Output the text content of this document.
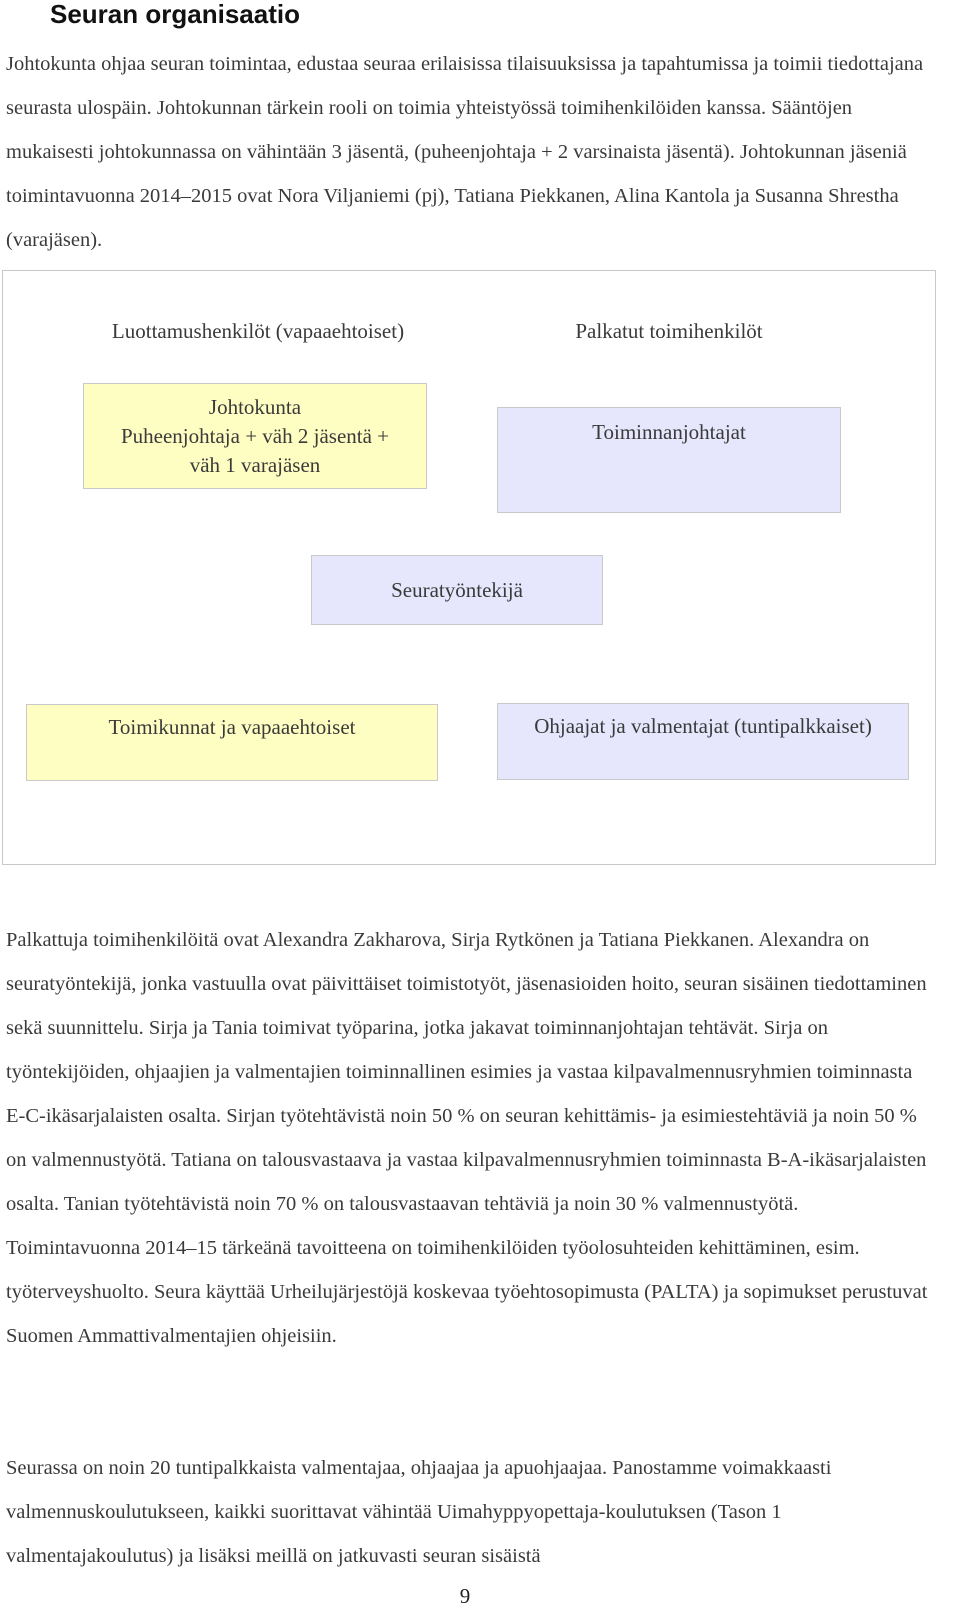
Seuran organisaatio

Johtokunta ohjaa seuran toimintaa, edustaa seuraa erilaisissa tilaisuuksissa ja tapahtumissa ja toimii tiedottajana seurasta ulospäin. Johtokunnan tärkein rooli on toimia yhteistyössä toimihenkilöiden kanssa. Sääntöjen mukaisesti johtokunnassa on vähintään 3 jäsentä, (puheenjohtaja + 2 varsinaista jäsentä). Johtokunnan jäseniä toimintavuonna 2014–2015 ovat Nora Viljaniemi (pj), Tatiana Piekkanen, Alina Kantola ja Susanna Shrestha (varajäsen).

Luottamushenkilöt (vapaaehtoiset)	Palkatut toimihenkilöt
Johtokunta
Puheenjohtaja + väh 2 jäsentä +
väh 1 varajäsen
Toiminnanjohtajat
Seuratyöntekijä
Toimikunnat ja vapaaehtoiset	Ohjaajat ja valmentajat (tuntipalkkaiset)

Palkattuja toimihenkilöitä ovat Alexandra Zakharova, Sirja Rytkönen ja Tatiana Piekkanen. Alexandra on seuratyöntekijä, jonka vastuulla ovat päivittäiset toimistotyöt, jäsenasioiden hoito, seuran sisäinen tiedottaminen sekä suunnittelu. Sirja ja Tania toimivat työparina, jotka jakavat toiminnanjohtajan tehtävät. Sirja on työntekijöiden, ohjaajien ja valmentajien toiminnallinen esimies ja vastaa kilpavalmennusryhmien toiminnasta E-C-ikäsarjalaisten osalta. Sirjan työtehtävistä noin 50 % on seuran kehittämis- ja esimiestehtäviä ja noin 50 % on valmennustyötä. Tatiana on talousvastaava ja vastaa kilpavalmennusryhmien toiminnasta B-A-ikäsarjalaisten osalta. Tanian työtehtävistä noin 70 % on talousvastaavan tehtäviä ja noin 30 % valmennustyötä. Toimintavuonna 2014–15 tärkeänä tavoitteena on toimihenkilöiden työolosuhteiden kehittäminen, esim. työterveyshuolto. Seura käyttää Urheilujärjestöjä koskevaa työehtosopimusta (PALTA) ja sopimukset perustuvat Suomen Ammattivalmentajien ohjeisiin.

Seurassa on noin 20 tuntipalkkaista valmentajaa, ohjaajaa ja apuohjaajaa. Panostamme voimakkaasti valmennuskoulutukseen, kaikki suorittavat vähintää Uimahyppyopettaja-koulutuksen (Tason 1 valmentajakoulutus) ja lisäksi meillä on jatkuvasti seuran sisäistä

9
